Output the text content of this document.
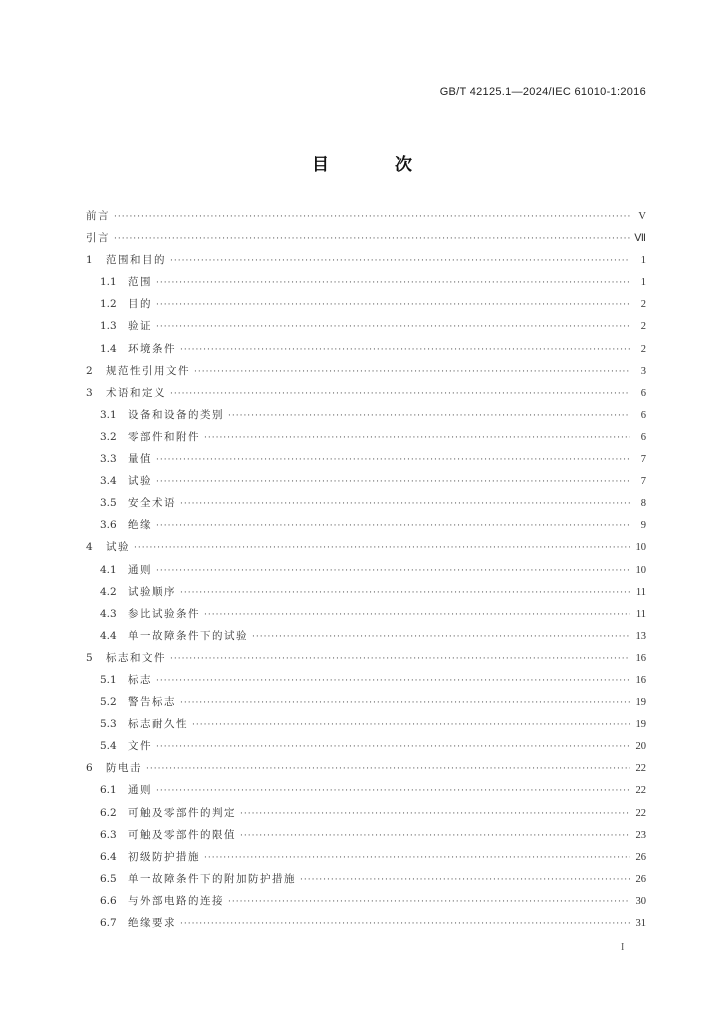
GB/T 42125.1—2024/IEC 61010-1:2016
目 次
前言 ·····	V
引言 ·····	Ⅶ
1	范围和目的 ·····	1
1.1	范围 ·····	1
1.2	目的 ·····	2
1.3	验证 ·····	2
1.4	环境条件 ·····	2
2	规范性引用文件 ·····	3
3	术语和定义 ·····	6
3.1	设备和设备的类别 ·····	6
3.2	零部件和附件 ·····	6
3.3	量值 ·····	7
3.4	试验 ·····	7
3.5	安全术语 ·····	8
3.6	绝缘 ·····	9
4	试验 ·····	10
4.1	通则 ·····	10
4.2	试验顺序 ·····	11
4.3	参比试验条件 ·····	11
4.4	单一故障条件下的试验 ·····	13
5	标志和文件 ·····	16
5.1	标志 ·····	16
5.2	警告标志 ·····	19
5.3	标志耐久性 ·····	19
5.4	文件 ·····	20
6	防电击 ·····	22
6.1	通则 ·····	22
6.2	可触及零部件的判定 ·····	22
6.3	可触及零部件的限值 ·····	23
6.4	初级防护措施 ·····	26
6.5	单一故障条件下的附加防护措施 ·····	26
6.6	与外部电路的连接 ·····	30
6.7	绝缘要求 ·····	31
I
